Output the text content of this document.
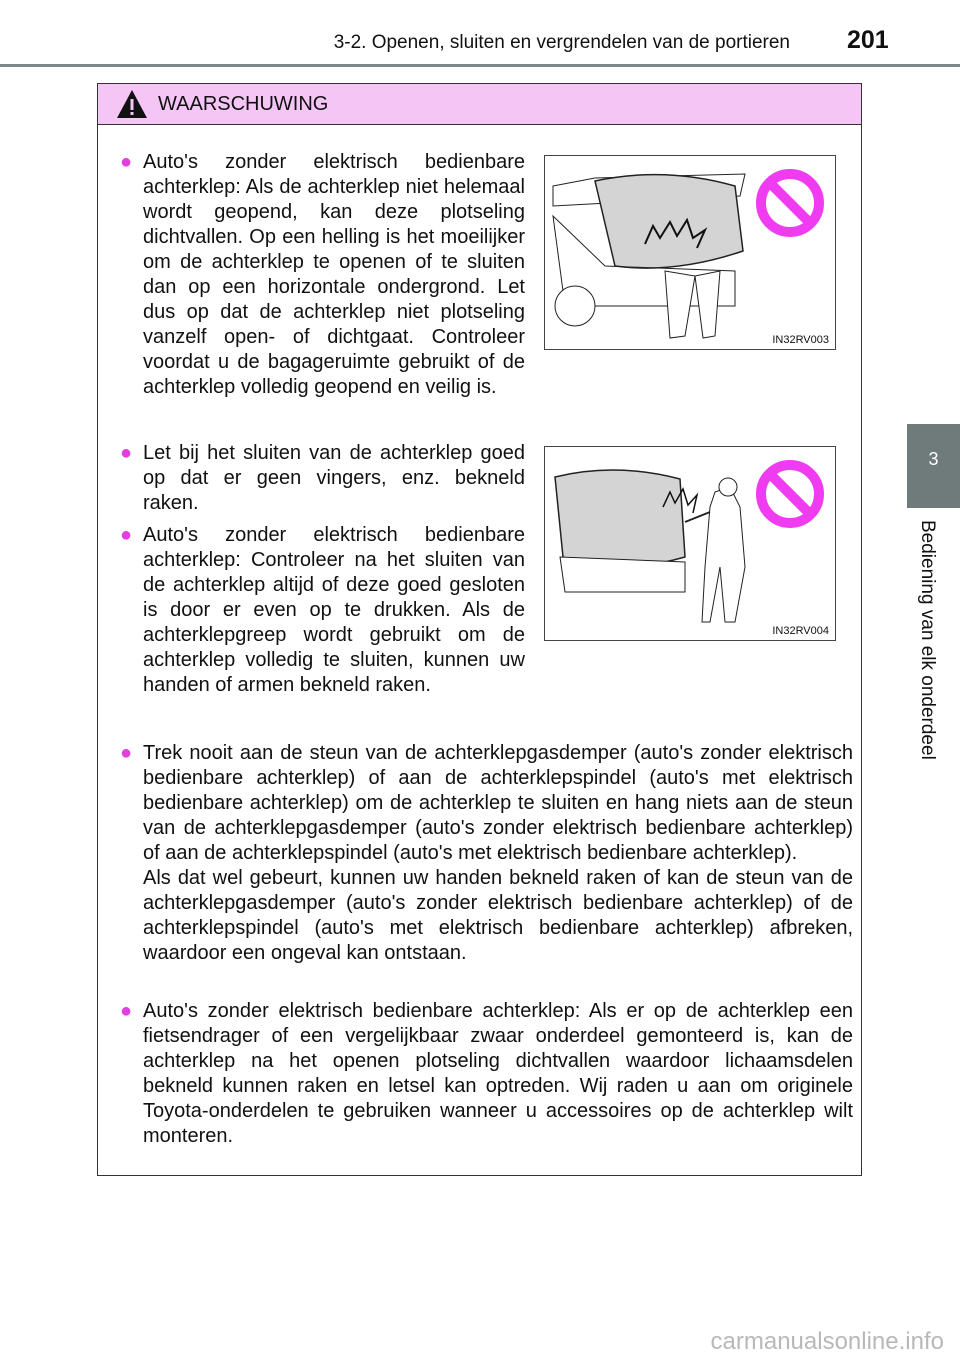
3-2. Openen, sluiten en vergrendelen van de portieren 201
3
Bediening van elk onderdeel
WAARSCHUWING
● Auto's zonder elektrisch bedienbare achterklep: Als de achterklep niet helemaal wordt geopend, kan deze plotseling dichtvallen. Op een helling is het moeilijker om de achterklep te openen of te sluiten dan op een horizontale ondergrond. Let dus op dat de achterklep niet plotseling vanzelf open- of dichtgaat. Controleer voordat u de bagageruimte gebruikt of de achterklep volledig geopend en veilig is.
● Let bij het sluiten van de achterklep goed op dat er geen vingers, enz. bekneld raken.
● Auto's zonder elektrisch bedienbare achterklep: Controleer na het sluiten van de achterklep altijd of deze goed gesloten is door er even op te drukken. Als de achterklepgreep wordt gebruikt om de achterklep volledig te sluiten, kunnen uw handen of armen bekneld raken.
● Trek nooit aan de steun van de achterklepgasdemper (auto's zonder elektrisch bedienbare achterklep) of aan de achterklepspindel (auto's met elektrisch bedienbare achterklep) om de achterklep te sluiten en hang niets aan de steun van de achterklepgasdemper (auto's zonder elektrisch bedienbare achterklep) of aan de achterklepspindel (auto's met elektrisch bedienbare achterklep).
Als dat wel gebeurt, kunnen uw handen bekneld raken of kan de steun van de achterklepgasdemper (auto's zonder elektrisch bedienbare achterklep) of de achterklepspindel (auto's met elektrisch bedienbare achterklep) afbreken, waardoor een ongeval kan ontstaan.
● Auto's zonder elektrisch bedienbare achterklep: Als er op de achterklep een fietsendrager of een vergelijkbaar zwaar onderdeel gemonteerd is, kan de achterklep na het openen plotseling dichtvallen waardoor lichaamsdelen bekneld kunnen raken en letsel kan optreden. Wij raden u aan om originele Toyota-onderdelen te gebruiken wanneer u accessoires op de achterklep wilt monteren.
IN32RV003
IN32RV004
carmanualsonline.info
